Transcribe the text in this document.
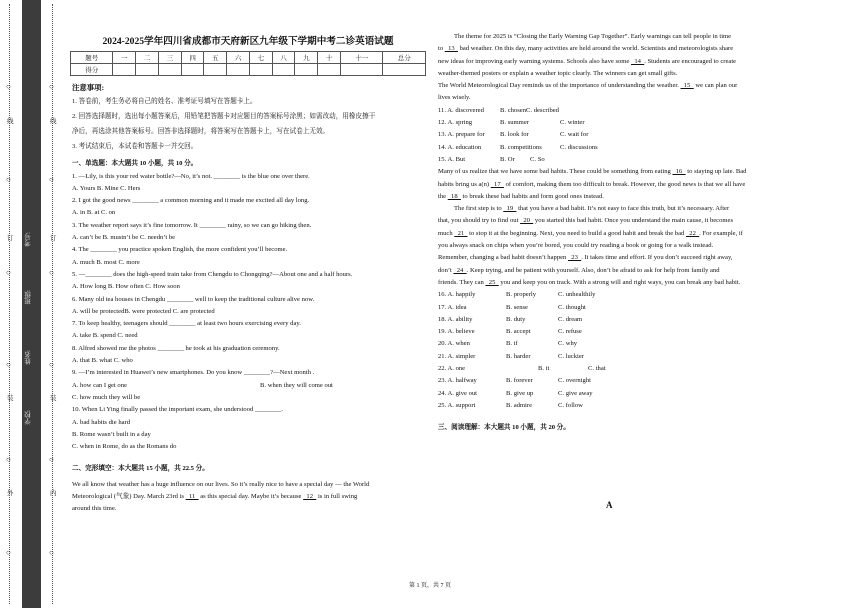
○
○
○
○
○
○
外
装
订
线
学校:
姓名:
班级:
考号:
○
○
○
○
○
○
内
装
订
线
2024-2025学年四川省成都市天府新区九年级下学期中考二诊英语试题
题号	一	二	三	四	五	六	七	八	九	十	十一	总分
得分												

注意事项:

1. 答卷前，考生务必将自己的姓名、准考证号填写在答题卡上。

2. 回答选择题时，选出每小题答案后，用铅笔把答题卡对应题目的答案标号涂黑；如需改动，用橡皮擦干

净后，再选涂其他答案标号。回答非选择题时，将答案写在答题卡上，写在试卷上无效。

3. 考试结束后，本试卷和答题卡一并交回。

一、单选题：本大题共 10 小题，共 10 分。

1. —Lily, is this your red water bottle?—No, it’s not. ________ is the blue one over there.

A. Yours B. Mine C. Hers

2. I got the good news ________ a common morning and it made me excited all day long.

A. in B. at C. on

3. The weather report says it’s fine tomorrow. It ________ rainy, so we can go hiking then.

A. can’t be B. mustn’t be C. needn’t be

4. The ________ you practice spoken English, the more confident you’ll become.

A. much B. most C. more

5. —________ does the high-speed train take from Chengdu to Chongqing?—About one and a half hours.

A. How long B. How often C. How soon

6. Many old tea houses in Chengdu ________ well to keep the traditional culture alive now.

A. will be protectedB. were protected C. are protected

7. To keep healthy, teenagers should ________ at least two hours exercising every day.

A. take B. spend C. need

8. Alfred showed me the photos ________ he took at his graduation ceremony.

A. that B. what C. who

9. —I’m interested in Huawei’s new smartphones. Do you know ________?—Next month .

A. how can I get one	B. when they will come out

C. how much they will be

10. When Li Ying finally passed the important exam, she understood ________.

A. bad habits die hard

B. Rome wasn’t built in a day

C. when in Rome, do as the Romans do

二、完形填空：本大题共 15 小题，共 22.5 分。

We all know that weather has a huge influence on our lives. So it’s really nice to have a special day — the World

Meteorological (气象) Day. March 23rd is   11   as this special day. Maybe it’s because   12   is in full swing

around this time.

The theme for 2025 is “Closing the Early Warning Gap Together”. Early warnings can tell people in time

to   13   bad weather. On this day, many activities are held around the world. Scientists and meteorologists share

new ideas for improving early warning systems. Schools also have some   14  . Students are encouraged to create

weather-themed posters or explain a weather topic clearly. The winners can get small gifts.

The World Meteorological Day reminds us of the importance of understanding the weather.   15   we can plan our

lives wisely.

11. A. discovered	B. chosenC. described

12. A. spring	B. summer	C. winter

13. A. prepare for	B. look for	C. wait for

14. A. education	B. competitions	C. discussions

15. A. But	B. Or	C. So

Many of us realize that we have some bad habits. These could be something from eating   16   to staying up late. Bad

habits bring us a(n)   17   of comfort, making them too difficult to break. However, the good news is that we all have

the   18   to break these bad habits and form good ones instead.

The first step is to   19   that you have a bad habit. It’s not easy to face this truth, but it’s necessary. After

that, you should try to find out   20   you started this bad habit. Once you understand the main cause, it becomes

much   21   to stop it at the beginning. Next, you need to build a good habit and break the bad   22  . For example, if

you always snack on chips when you’re bored, you could try reading a book or going for a walk instead.

Remember, changing a bad habit doesn’t happen   23  . It takes time and effort. If you don’t succeed right away,

don’t   24  . Keep trying, and be patient with yourself. Also, don’t be afraid to ask for help from family and

friends. They can   25   you and keep you on track. With a strong will and right ways, you can break any bad habit.

16. A. happily	B. properly	C. unhealthily

17. A. idea	B. sense	C. thought

18. A. ability	B. duty	C. dream

19. A. believe	B. accept	C. refuse

20. A. when	B. if	C. why

21. A. simpler	B. harder	C. luckier

22. A. one	B. it	C. that

23. A. halfway	B. forever	C. overnight

24. A. give out	B. give up	C. give away

25. A. support	B. admire	C. follow

三、阅读理解：本大题共 10 小题，共 20 分。

A
第 1 页，共 7 页
